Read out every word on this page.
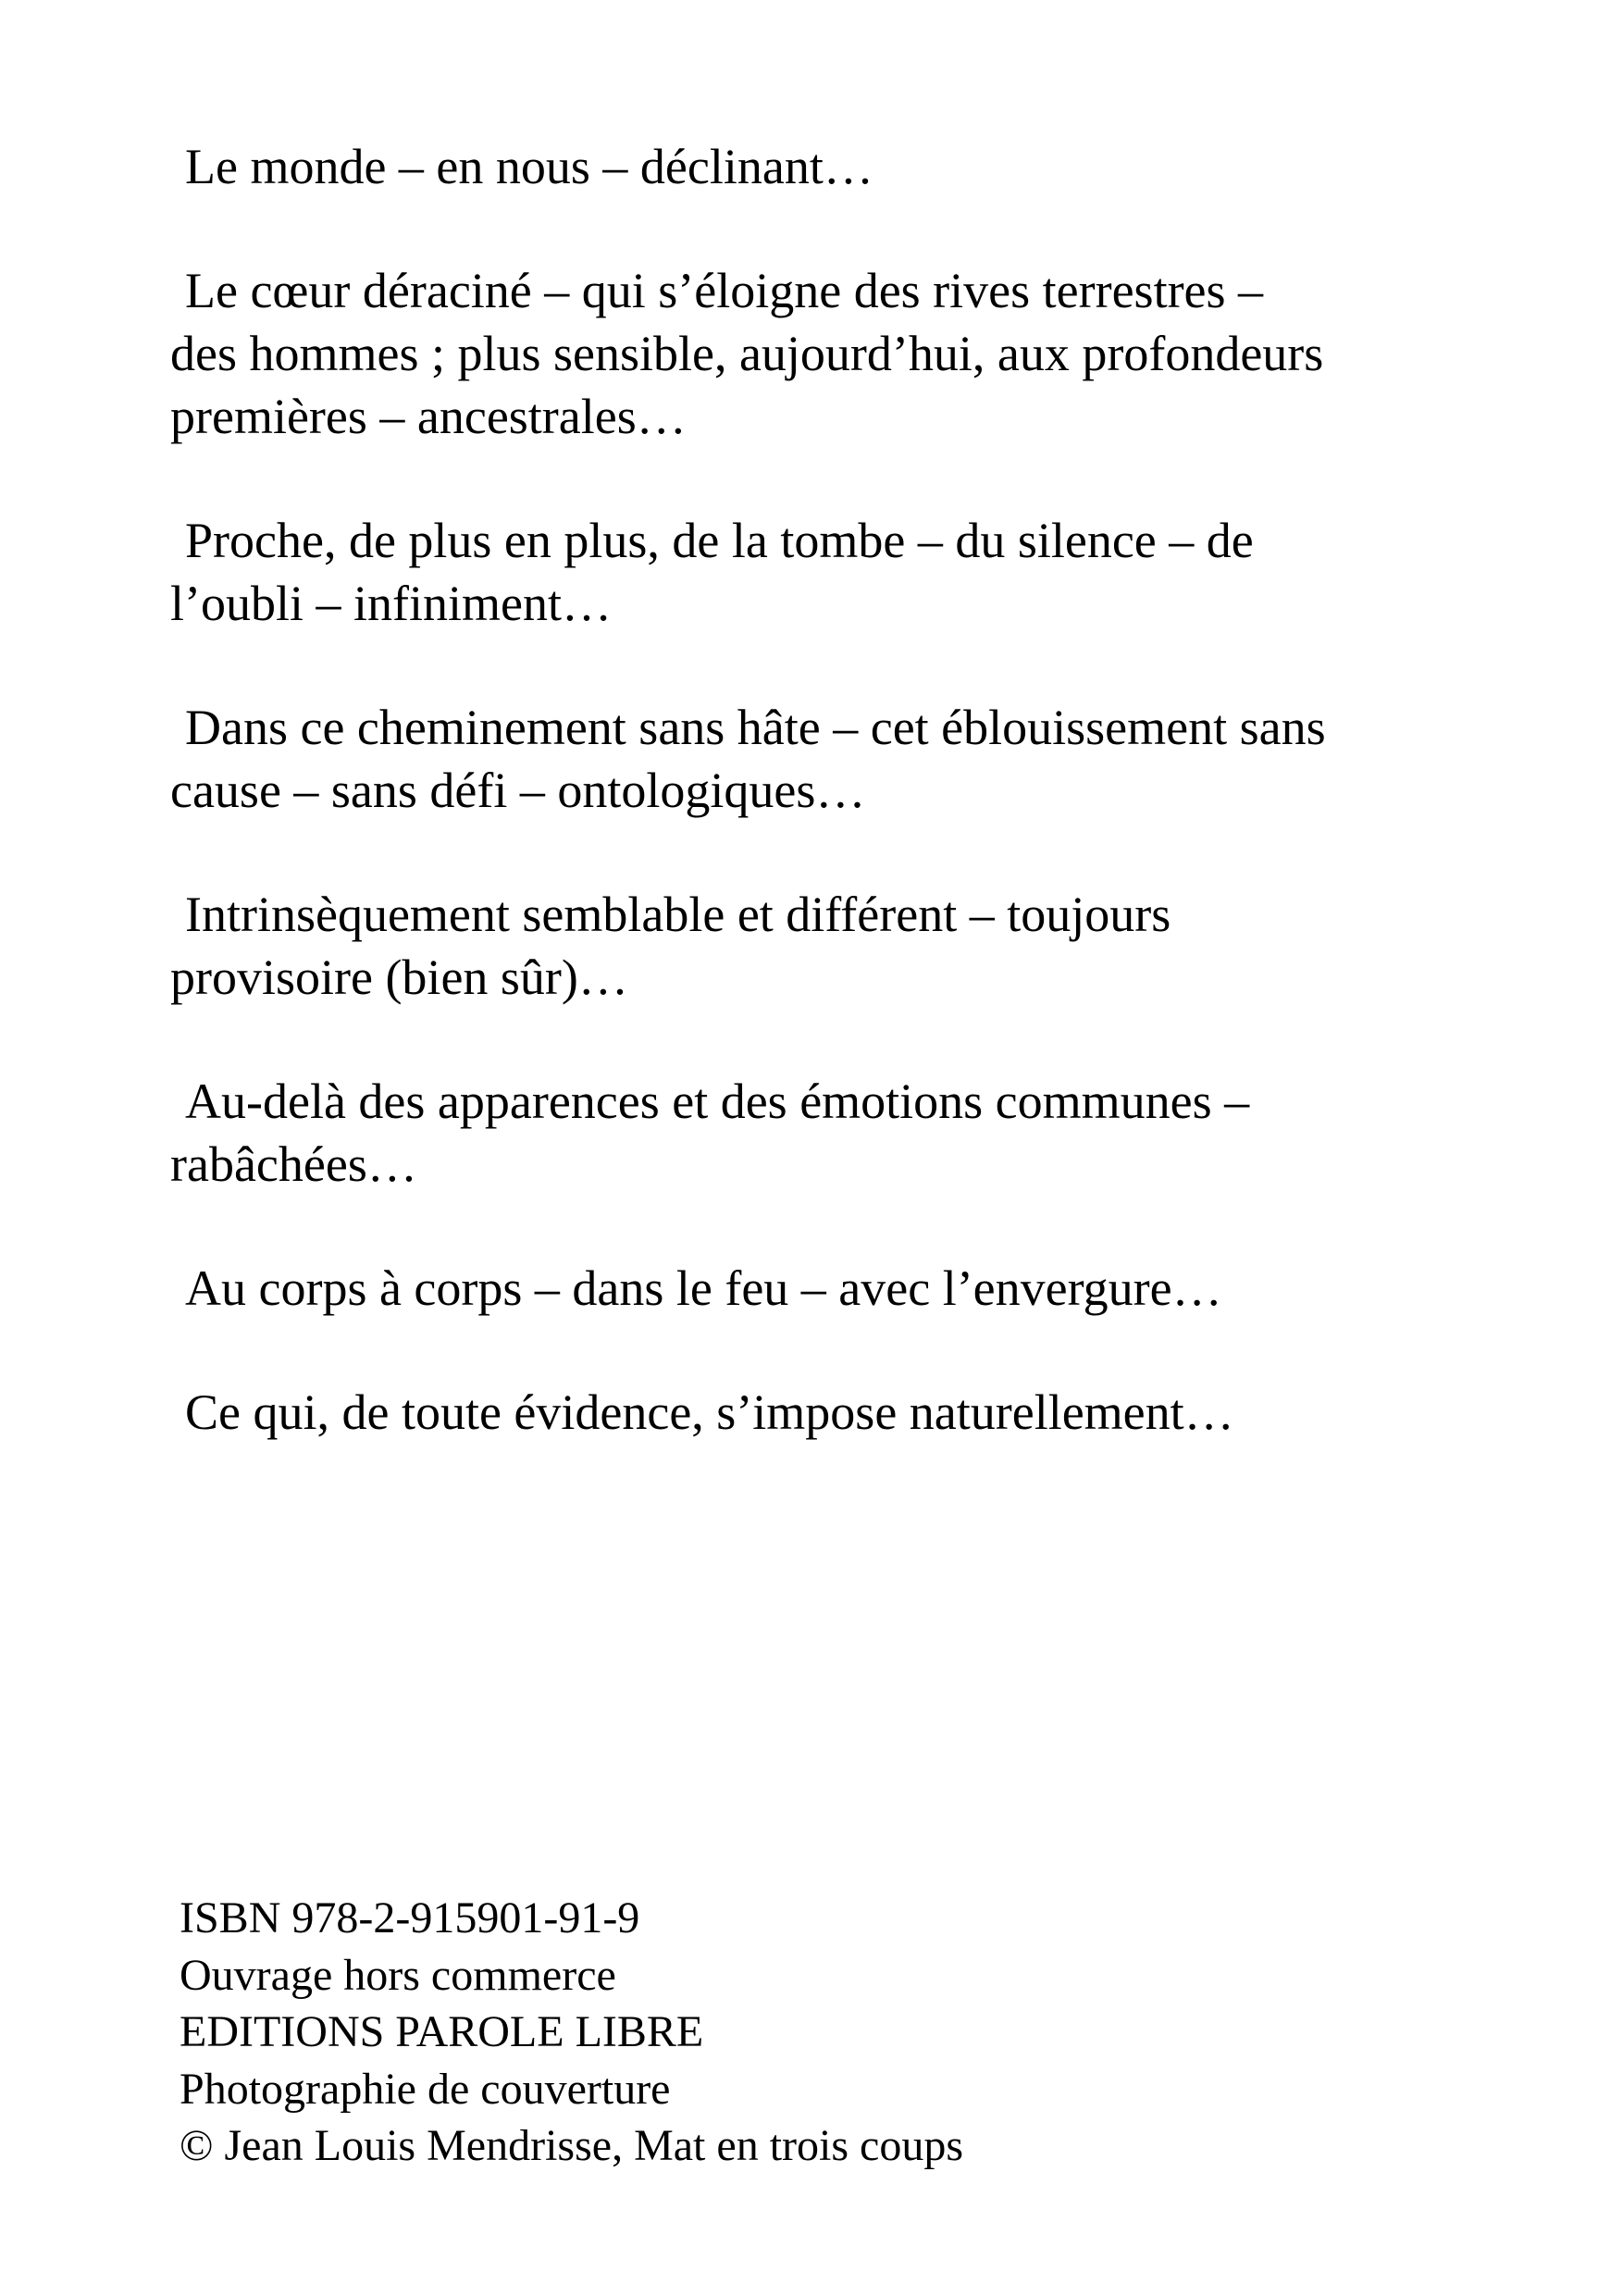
Le monde – en nous – déclinant…

Le cœur déraciné – qui s’éloigne des rives terrestres –
des hommes ; plus sensible, aujourd’hui, aux profondeurs
premières – ancestrales…

Proche, de plus en plus, de la tombe – du silence – de
l’oubli – infiniment…

Dans ce cheminement sans hâte – cet éblouissement sans
cause – sans défi – ontologiques…

Intrinsèquement semblable et différent – toujours
provisoire (bien sûr)…

Au-delà des apparences et des émotions communes –
rabâchées…

Au corps à corps – dans le feu – avec l’envergure…

Ce qui, de toute évidence, s’impose naturellement…

ISBN 978-2-915901-91-9
Ouvrage hors commerce
EDITIONS PAROLE LIBRE
Photographie de couverture
© Jean Louis Mendrisse, Mat en trois coups
